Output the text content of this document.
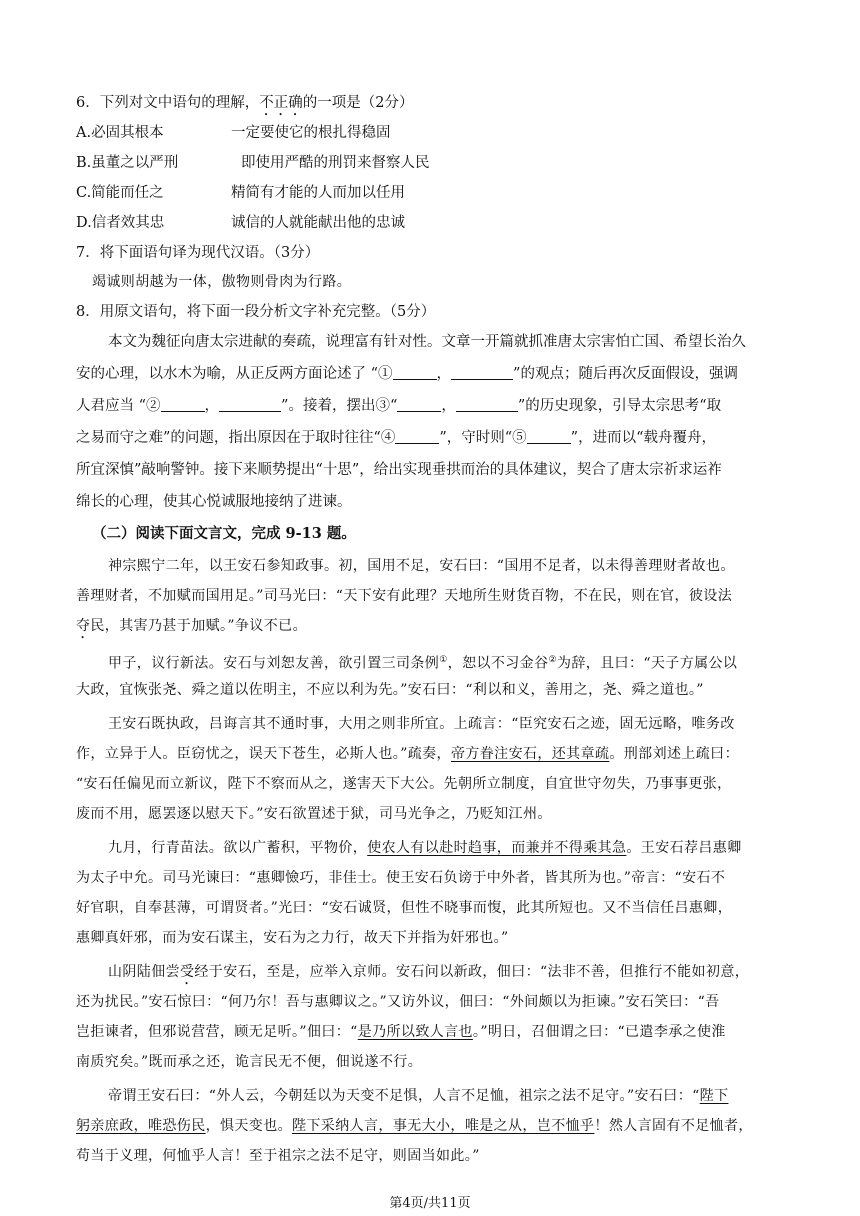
6．下列对文中语句的理解，不正确的一项是（2分）
A.必固其根本	一定要使它的根扎得稳固
B.虽董之以严刑	即使用严酷的刑罚来督察人民
C.简能而任之	精简有才能的人而加以任用
D.信者效其忠	诚信的人就能献出他的忠诚
7．将下面语句译为现代汉语。（3分）
竭诚则胡越为一体，傲物则骨肉为行路。
8．用原文语句，将下面一段分析文字补充完整。（5分）
本文为魏征向唐太宗进献的奏疏，说理富有针对性。文章一开篇就抓准唐太宗害怕亡国、希望长治久
安的心理，以水木为喻，从正反两方面论述了 “①	，	”的观点；随后再次反面假设，强调
人君应当 “②	，	”。接着，摆出③“	，	”的历史现象，引导太宗思考“取
之易而守之难”的问题，指出原因在于取时往往“④	”，守时则“⑤	”，进而以“载舟覆舟，
所宜深慎”敲响警钟。接下来顺势提出“十思”，给出实现垂拱而治的具体建议，契合了唐太宗祈求运祚
绵长的心理，使其心悦诚服地接纳了进谏。
（二）阅读下面文言文，完成 9-13 题。
神宗熙宁二年，以王安石参知政事。初，国用不足，安石曰：“国用不足者，以未得善理财者故也。
善理财者，不加赋而国用足。”司马光曰：“天下安有此理？天地所生财货百物，不在民，则在官，彼设法
夺民，其害乃甚于加赋。”争议不已。
甲子，议行新法。安石与刘恕友善，欲引置三司条例①，恕以不习金谷②为辞，且曰：“天子方属公以
大政，宜恢张尧、舜之道以佐明主，不应以利为先。”安石曰：“利以和义，善用之，尧、舜之道也。”
王安石既执政，吕诲言其不通时事，大用之则非所宜。上疏言：“臣究安石之迹，固无远略，唯务改
作，立异于人。臣窃忧之，误天下苍生，必斯人也。”疏奏，帝方眷注安石，还其章疏。刑部刘述上疏曰：
“安石任偏见而立新议，陛下不察而从之，遂害天下大公。先朝所立制度，自宜世守勿失，乃事事更张，
废而不用，愿罢逐以慰天下。”安石欲置述于狱，司马光争之，乃贬知江州。
九月，行青苗法。欲以广蓄积，平物价，使农人有以赴时趋事，而兼并不得乘其急。王安石荐吕惠卿
为太子中允。司马光谏曰：“惠卿憸巧，非佳士。使王安石负谤于中外者，皆其所为也。”帝言：“安石不
好官职，自奉甚薄，可谓贤者。”光曰：“安石诚贤，但性不晓事而愎，此其所短也。又不当信任吕惠卿，
惠卿真奸邪，而为安石谋主，安石为之力行，故天下并指为奸邪也。”
山阴陆佃尝受经于安石，至是，应举入京师。安石问以新政，佃曰：“法非不善，但推行不能如初意，
还为扰民。”安石惊曰：“何乃尔！吾与惠卿议之。”又访外议，佃曰：“外间颇以为拒谏。”安石笑曰：“吾
岂拒谏者，但邪说营营，顾无足听。”佃曰：“是乃所以致人言也。”明日，召佃谓之曰：“已遣李承之使淮
南质究矣。”既而承之还，诡言民无不便，佃说遂不行。
帝谓王安石曰：“外人云，今朝廷以为天变不足惧，人言不足恤，祖宗之法不足守。”安石曰：“陛下
躬亲庶政，唯恐伤民，惧天变也。陛下采纳人言，事无大小，唯是之从，岂不恤乎！然人言固有不足恤者，
苟当于义理，何恤乎人言！至于祖宗之法不足守，则固当如此。”
第4页/共11页
